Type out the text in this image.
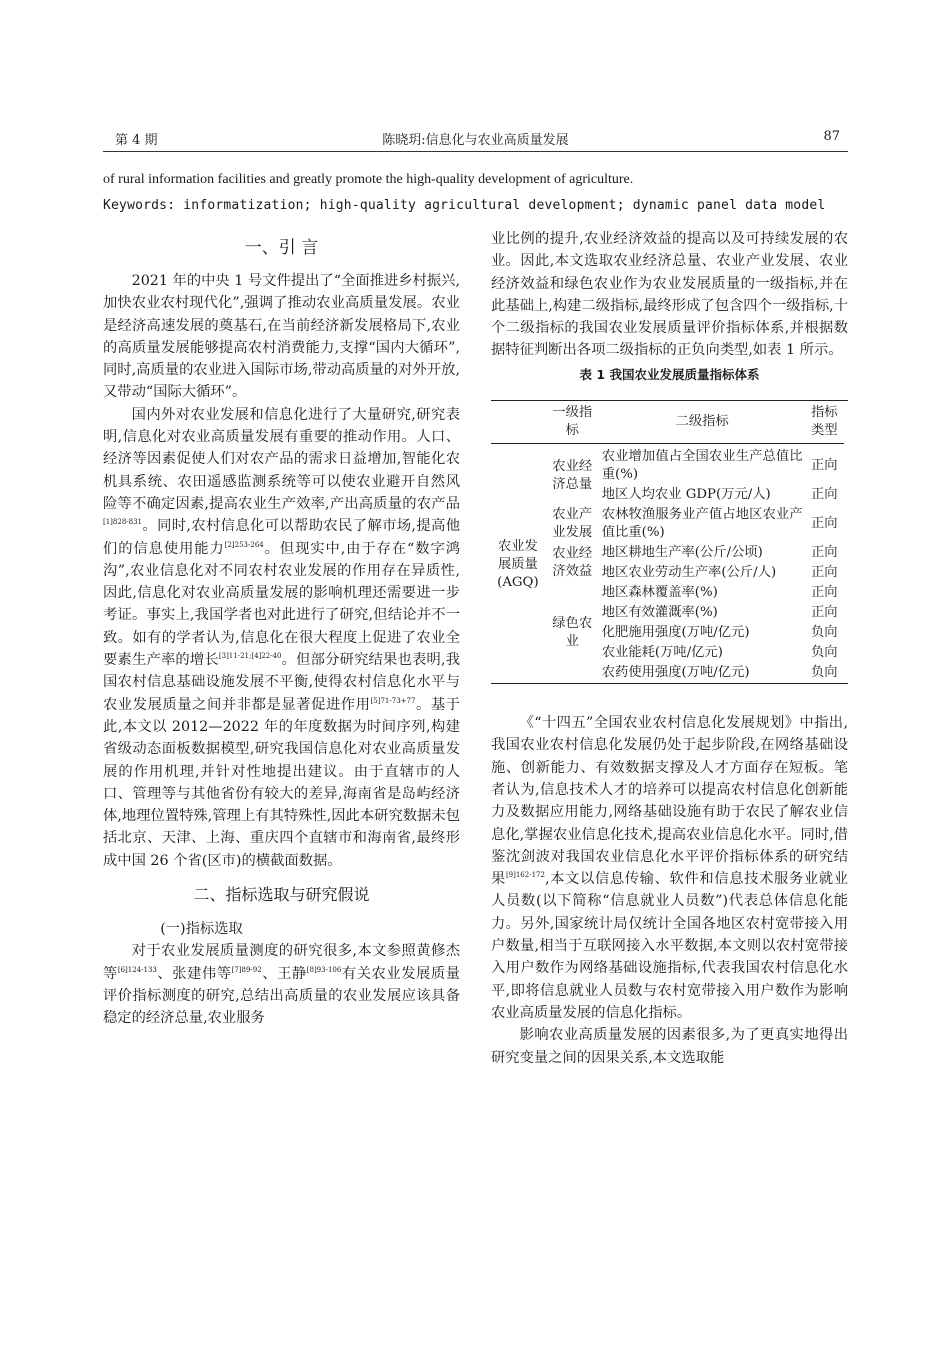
第 4 期	陈晓玥:信息化与农业高质量发展	87
of rural information facilities and greatly promote the high-quality development of agriculture.
Keywords: informatization; high-quality agricultural development; dynamic panel data model
一、引 言

2021 年的中央 1 号文件提出了“全面推进乡村振兴,加快农业农村现代化”,强调了推动农业高质量发展。农业是经济高速发展的奠基石,在当前经济新发展格局下,农业的高质量发展能够提高农村消费能力,支撑“国内大循环”,同时,高质量的农业进入国际市场,带动高质量的对外开放,又带动“国际大循环”。

国内外对农业发展和信息化进行了大量研究,研究表明,信息化对农业高质量发展有重要的推动作用。人口、经济等因素促使人们对农产品的需求日益增加,智能化农机具系统、农田遥感监测系统等可以使农业避开自然风险等不确定因素,提高农业生产效率,产出高质量的农产品$^{[1]828-831}$。同时,农村信息化可以帮助农民了解市场,提高他们的信息使用能力$^{[2]253-264}$。但现实中,由于存在“数字鸿沟”,农业信息化对不同农村农业发展的作用存在异质性,因此,信息化对农业高质量发展的影响机理还需要进一步考证。事实上,我国学者也对此进行了研究,但结论并不一致。如有的学者认为,信息化在很大程度上促进了农业全要素生产率的增长$^{[3]11-21;[4]22-40}$。但部分研究结果也表明,我国农村信息基础设施发展不平衡,使得农村信息化水平与农业发展质量之间并非都是显著促进作用$^{[5]71-73+77}$。基于此,本文以 2012—2022 年的年度数据为时间序列,构建省级动态面板数据模型,研究我国信息化对农业高质量发展的作用机理,并针对性地提出建议。由于直辖市的人口、管理等与其他省份有较大的差异,海南省是岛屿经济体,地理位置特殊,管理上有其特殊性,因此本研究数据未包括北京、天津、上海、重庆四个直辖市和海南省,最终形成中国 26 个省(区市)的横截面数据。

二、指标选取与研究假说

(一)指标选取

对于农业发展质量测度的研究很多,本文参照黄修杰等$^{[6]124-133}$、张建伟等$^{[7]89-92}$、王静$^{[8]93-106}$有关农业发展质量评价指标测度的研究,总结出高质量的农业发展应该具备稳定的经济总量,农业服务

业比例的提升,农业经济效益的提高以及可持续发展的农业。因此,本文选取农业经济总量、农业产业发展、农业经济效益和绿色农业作为农业发展质量的一级指标,并在此基础上,构建二级指标,最终形成了包含四个一级指标,十个二级指标的我国农业发展质量评价指标体系,并根据数据特征判断出各项二级指标的正负向类型,如表 1 所示。

表 1 我国农业发展质量指标体系
	一级指标	二级指标	指标类型
农业发展质量(AGQ)	农业经济总量	农业增加值占全国农业生产总值比重(%)	正向
		地区人均农业 GDP(万元/人)	正向
	农业产业发展	农林牧渔服务业产值占地区农业产值比重(%)	正向
	农业经济效益	地区耕地生产率(公斤/公顷)	正向
		地区农业劳动生产率(公斤/人)	正向
	绿色农业	地区森林覆盖率(%)	正向
		地区有效灌溉率(%)	正向
		化肥施用强度(万吨/亿元)	负向
		农业能耗(万吨/亿元)	负向
		农药使用强度(万吨/亿元)	负向

《“十四五”全国农业农村信息化发展规划》中指出,我国农业农村信息化发展仍处于起步阶段,在网络基础设施、创新能力、有效数据支撑及人才方面存在短板。笔者认为,信息技术人才的培养可以提高农村信息化创新能力及数据应用能力,网络基础设施有助于农民了解农业信息化,掌握农业信息化技术,提高农业信息化水平。同时,借鉴沈剑波对我国农业信息化水平评价指标体系的研究结果$^{[9]162-172}$,本文以信息传输、软件和信息技术服务业就业人员数(以下简称“信息就业人员数”)代表总体信息化能力。另外,国家统计局仅统计全国各地区农村宽带接入用户数量,相当于互联网接入水平数据,本文则以农村宽带接入用户数作为网络基础设施指标,代表我国农村信息化水平,即将信息就业人员数与农村宽带接入用户数作为影响农业高质量发展的信息化指标。

影响农业高质量发展的因素很多,为了更真实地得出研究变量之间的因果关系,本文选取能
